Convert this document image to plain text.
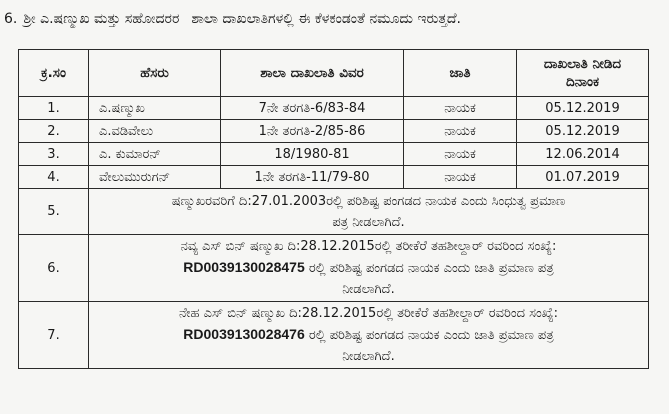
6. ಶ್ರೀ ಎ.ಷಣ್ಮುಖ ಮತ್ತು ಸಹೋದರರ ಶಾಲಾ ದಾಖಲಾತಿಗಳಲ್ಲಿ ಈ ಕೆಳಕಂಡಂತೆ ನಮೂದು ಇರುತ್ತದೆ.
ಕ್ರ.ಸಂ	ಹೆಸರು	ಶಾಲಾ ದಾಖಲಾತಿ ವಿವರ	ಜಾತಿ	ದಾಖಲಾತಿ ನೀಡಿದ
ದಿನಾಂಕ
1.	ಎ.ಷಣ್ಮುಖ	7ನೇ ತರಗತಿ-6/83-84	ನಾಯಕ	05.12.2019
2.	ಎ.ವಡಿವೇಲು	1ನೇ ತರಗತಿ-2/85-86	ನಾಯಕ	05.12.2019
3.	ಎ. ಕುಮಾರನ್	18/1980-81	ನಾಯಕ	12.06.2014
4.	ವೇಲುಮುರುಗನ್	1ನೇ ತರಗತಿ-11/79-80	ನಾಯಕ	01.07.2019
5.	ಷಣ್ಮುಖರವರಿಗೆ ದಿ:27.01.2003ರಲ್ಲಿ ಪರಿಶಿಷ್ಟ ಪಂಗಡದ ನಾಯಕ ಎಂದು ಸಿಂಧುತ್ವ ಪ್ರಮಾಣ
ಪತ್ರ ನೀಡಲಾಗಿದೆ.			
6.	ನವ್ಯ ಎಸ್ ಬಿನ್ ಷಣ್ಮುಖ ದಿ:28.12.2015ರಲ್ಲಿ ತರೀಕೆರೆ ತಹಶೀಲ್ದಾರ್ ರವರಿಂದ ಸಂಖ್ಯೆ:
RD0039130028475 ರಲ್ಲಿ ಪರಿಶಿಷ್ಟ ಪಂಗಡದ ನಾಯಕ ಎಂದು ಜಾತಿ ಪ್ರಮಾಣ ಪತ್ರ
ನೀಡಲಾಗಿದೆ.			
7.	ನೇಹ ಎಸ್ ಬಿನ್ ಷಣ್ಮುಖ ದಿ:28.12.2015ರಲ್ಲಿ ತರೀಕೆರೆ ತಹಶೀಲ್ದಾರ್ ರವರಿಂದ ಸಂಖ್ಯೆ:
RD0039130028476 ರಲ್ಲಿ ಪರಿಶಿಷ್ಟ ಪಂಗಡದ ನಾಯಕ ಎಂದು ಜಾತಿ ಪ್ರಮಾಣ ಪತ್ರ
ನೀಡಲಾಗಿದೆ.			
